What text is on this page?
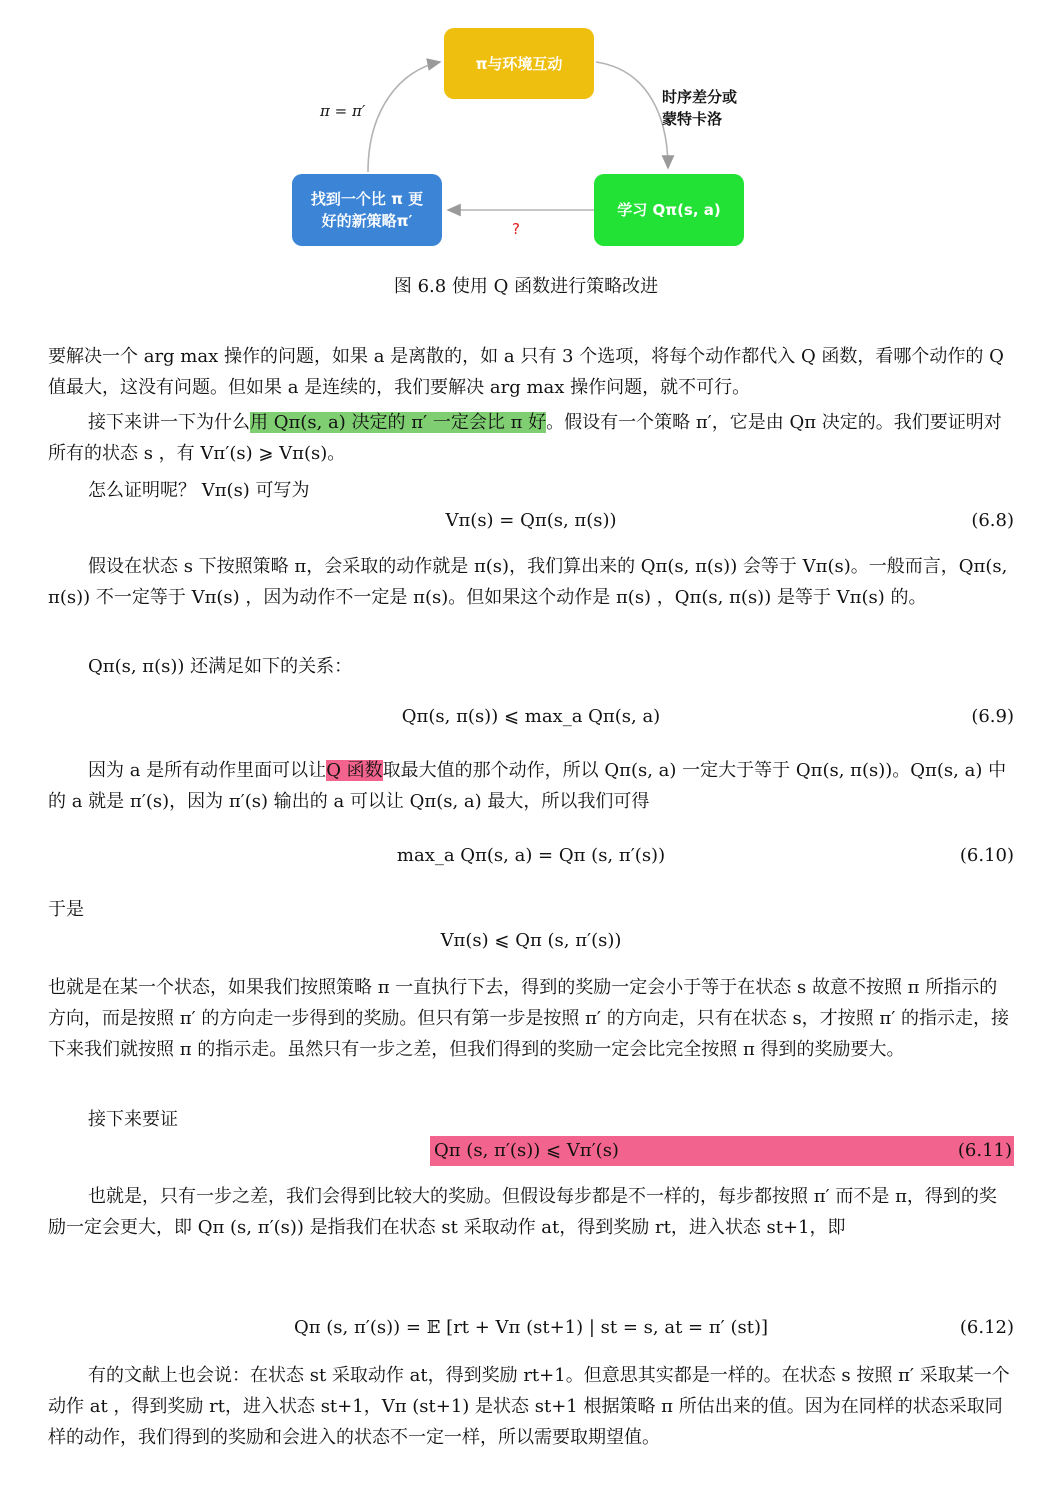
π与环境互动
学习 Qπ(s, a)
找到一个比 π 更
好的新策略π′
时序差分或
蒙特卡洛
π = π′
?
图 6.8 使用 Q 函数进行策略改进
要解决一个 arg max 操作的问题，如果 a 是离散的，如 a 只有 3 个选项，将每个动作都代入 Q 函数，看哪个动作的 Q 值最大，这没有问题。但如果 a 是连续的，我们要解决 arg max 操作问题，就不可行。
接下来讲一下为什么用 Qπ(s, a) 决定的 π′ 一定会比 π 好。假设有一个策略 π′，它是由 Qπ 决定的。我们要证明对所有的状态 s ，有 Vπ′(s) ⩾ Vπ(s)。
怎么证明呢？ Vπ(s) 可写为
Vπ(s) = Qπ(s, π(s))	(6.8)
假设在状态 s 下按照策略 π，会采取的动作就是 π(s)，我们算出来的 Qπ(s, π(s)) 会等于 Vπ(s)。一般而言，Qπ(s, π(s)) 不一定等于 Vπ(s) ，因为动作不一定是 π(s)。但如果这个动作是 π(s) ，Qπ(s, π(s)) 是等于 Vπ(s) 的。
Qπ(s, π(s)) 还满足如下的关系：
Qπ(s, π(s)) ⩽ max_a Qπ(s, a)	(6.9)
因为 a 是所有动作里面可以让Q 函数取最大值的那个动作，所以 Qπ(s, a) 一定大于等于 Qπ(s, π(s))。Qπ(s, a) 中的 a 就是 π′(s)，因为 π′(s) 输出的 a 可以让 Qπ(s, a) 最大，所以我们可得
max_a Qπ(s, a) = Qπ (s, π′(s))	(6.10)
于是
Vπ(s) ⩽ Qπ (s, π′(s))
也就是在某一个状态，如果我们按照策略 π 一直执行下去，得到的奖励一定会小于等于在状态 s 故意不按照 π 所指示的方向，而是按照 π′ 的方向走一步得到的奖励。但只有第一步是按照 π′ 的方向走，只有在状态 s，才按照 π′ 的指示走，接下来我们就按照 π 的指示走。虽然只有一步之差，但我们得到的奖励一定会比完全按照 π 得到的奖励要大。
接下来要证
Qπ (s, π′(s)) ⩽ Vπ′(s)	(6.11)
也就是，只有一步之差，我们会得到比较大的奖励。但假设每步都是不一样的，每步都按照 π′ 而不是 π，得到的奖励一定会更大，即 Qπ (s, π′(s)) 是指我们在状态 st 采取动作 at，得到奖励 rt，进入状态 st+1，即
Qπ (s, π′(s)) = 𝔼 [rt + Vπ (st+1) | st = s, at = π′ (st)]	(6.12)
有的文献上也会说：在状态 st 采取动作 at，得到奖励 rt+1。但意思其实都是一样的。在状态 s 按照 π′ 采取某一个动作 at ，得到奖励 rt，进入状态 st+1，Vπ (st+1) 是状态 st+1 根据策略 π 所估出来的值。因为在同样的状态采取同样的动作，我们得到的奖励和会进入的状态不一定一样，所以需要取期望值。
